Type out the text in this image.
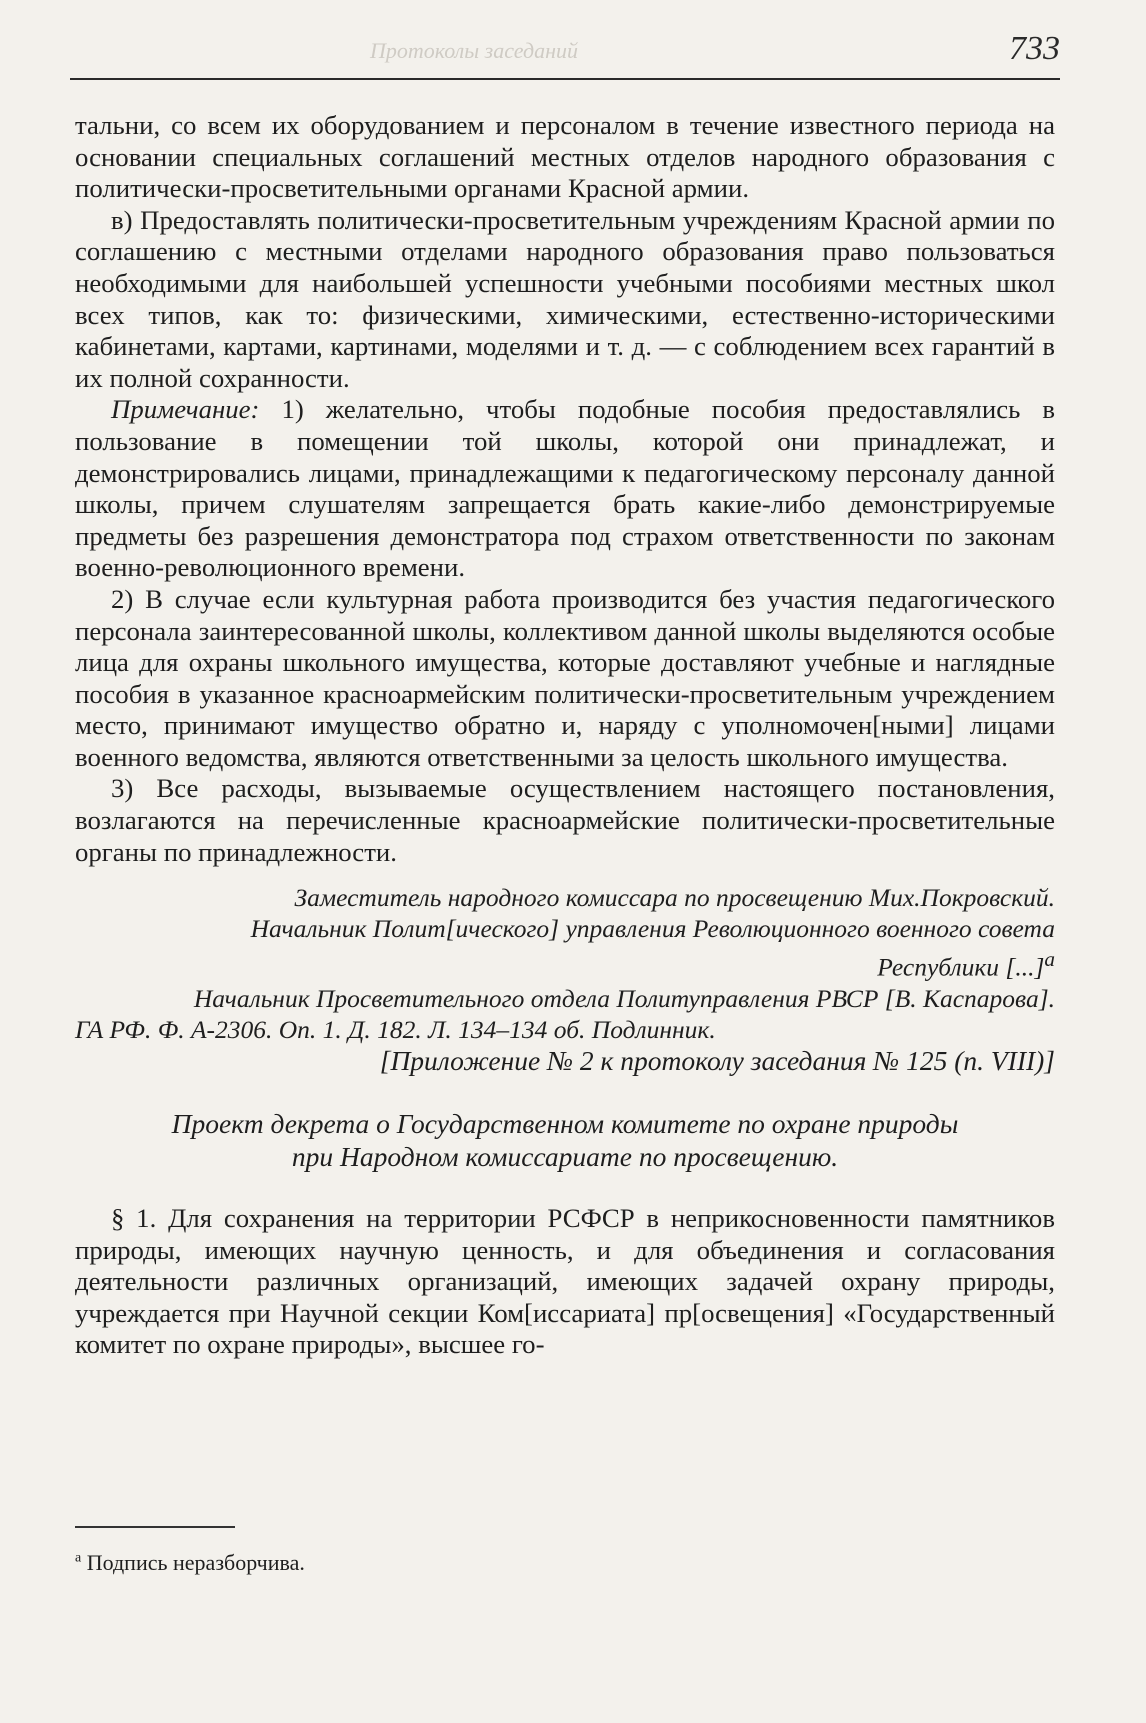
Протоколы заседаний	733

тальни, со всем их оборудованием и персоналом в течение известного периода на основании специальных соглашений местных отделов народного образования с политически-просветительными органами Красной армии.

в) Предоставлять политически-просветительным учреждениям Красной армии по соглашению с местными отделами народного образования право пользоваться необходимыми для наибольшей успешности учебными пособиями местных школ всех типов, как то: физическими, химическими, естественно-историческими кабинетами, картами, картинами, моделями и т. д. — с соблюдением всех гарантий в их полной сохранности.

Примечание: 1) желательно, чтобы подобные пособия предоставлялись в пользование в помещении той школы, которой они принадлежат, и демонстрировались лицами, принадлежащими к педагогическому персоналу данной школы, причем слушателям запрещается брать какие-либо демонстрируемые предметы без разрешения демонстратора под страхом ответственности по законам военно-революционного времени.

2) В случае если культурная работа производится без участия педагогического персонала заинтересованной школы, коллективом данной школы выделяются особые лица для охраны школьного имущества, которые доставляют учебные и наглядные пособия в указанное красноармейским политически-просветительным учреждением место, принимают имущество обратно и, наряду с уполномочен[ными] лицами военного ведомства, являются ответственными за целость школьного имущества.

3) Все расходы, вызываемые осуществлением настоящего постановления, возлагаются на перечисленные красноармейские политически-просветительные органы по принадлежности.

Заместитель народного комиссара по просвещению Мих.Покровский.

Начальник Полит[ического] управления Революционного военного совета

Республики [...]$^а$

Начальник Просветительного отдела Политуправления РВСР [В. Каспарова].

ГА РФ. Ф. А-2306. Оп. 1. Д. 182. Л. 134–134 об. Подлинник.

[Приложение № 2 к протоколу заседания № 125 (п. VIII)]

Проект декрета о Государственном комитете по охране природы
при Народном комиссариате по просвещению.

§ 1. Для сохранения на территории РСФСР в неприкосновенности памятников природы, имеющих научную ценность, и для объединения и согласования деятельности различных организаций, имеющих задачей охрану природы, учреждается при Научной секции Ком[иссариата] пр[освещения] «Государственный комитет по охране природы», высшее го-

$^а$ Подпись неразборчива.
